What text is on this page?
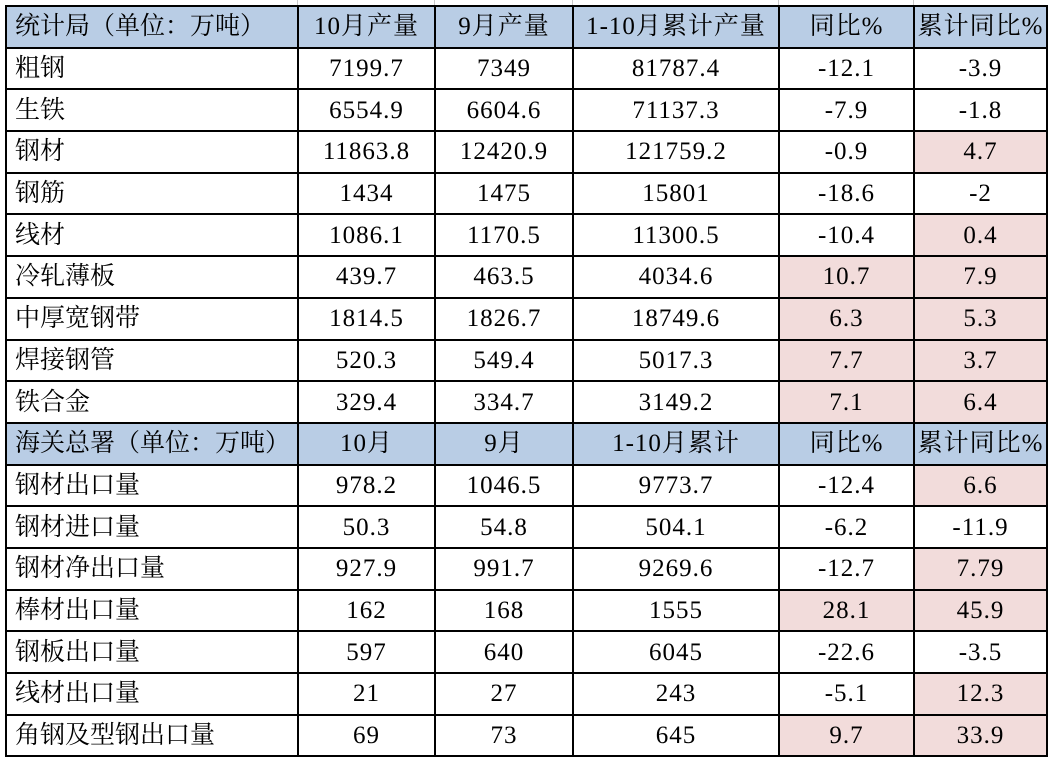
统计局（单位：万吨）	10月产量	9月产量	1-10月累计产量	同比%	累计同比%
粗钢	7199.7	7349	81787.4	-12.1	-3.9
生铁	6554.9	6604.6	71137.3	-7.9	-1.8
钢材	11863.8	12420.9	121759.2	-0.9	4.7
钢筋	1434	1475	15801	-18.6	-2
线材	1086.1	1170.5	11300.5	-10.4	0.4
冷轧薄板	439.7	463.5	4034.6	10.7	7.9
中厚宽钢带	1814.5	1826.7	18749.6	6.3	5.3
焊接钢管	520.3	549.4	5017.3	7.7	3.7
铁合金	329.4	334.7	3149.2	7.1	6.4
海关总署（单位：万吨）	10月	9月	1-10月累计	同比%	累计同比%
钢材出口量	978.2	1046.5	9773.7	-12.4	6.6
钢材进口量	50.3	54.8	504.1	-6.2	-11.9
钢材净出口量	927.9	991.7	9269.6	-12.7	7.79
棒材出口量	162	168	1555	28.1	45.9
钢板出口量	597	640	6045	-22.6	-3.5
线材出口量	21	27	243	-5.1	12.3
角钢及型钢出口量	69	73	645	9.7	33.9
